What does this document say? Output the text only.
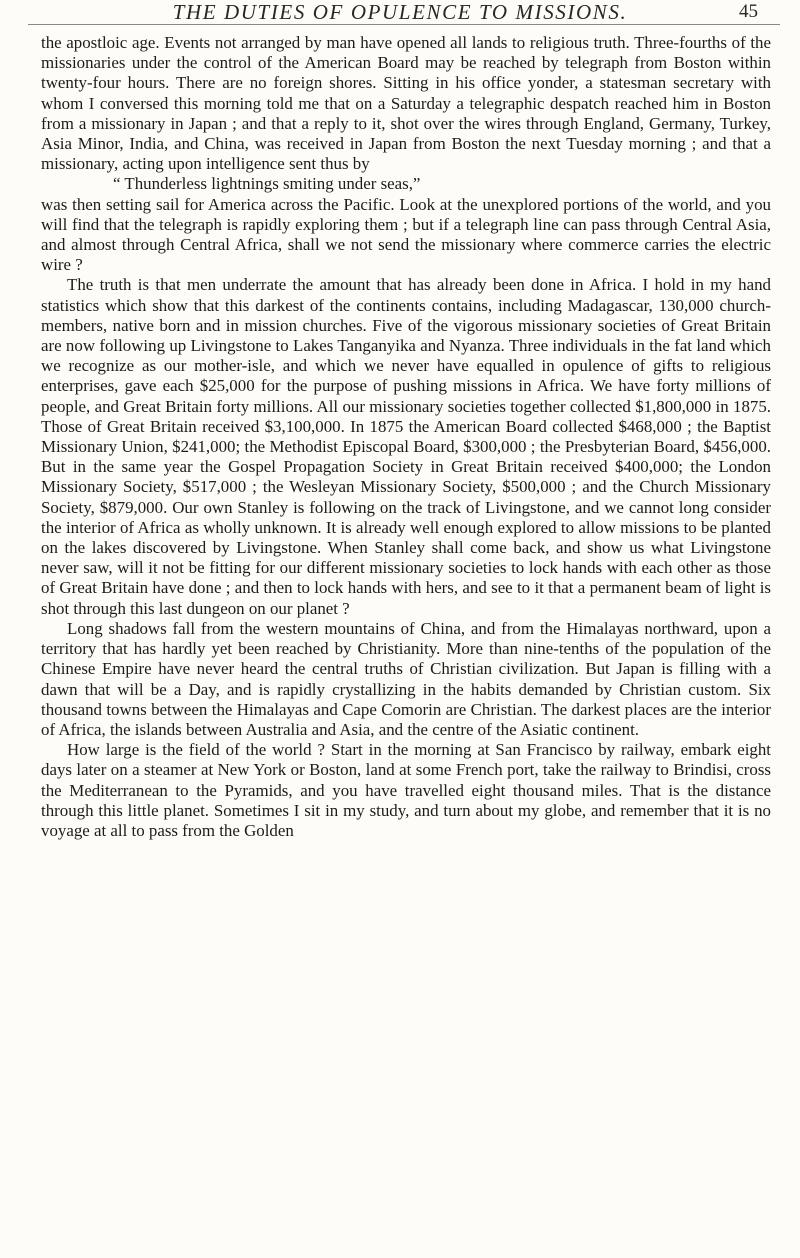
THE DUTIES OF OPULENCE TO MISSIONS.	45

the apostloic age. Events not arranged by man have opened all lands to religious truth. Three-fourths of the missionaries under the control of the American Board may be reached by telegraph from Boston within twenty-four hours. There are no foreign shores. Sitting in his office yonder, a statesman secretary with whom I conversed this morning told me that on a Saturday a telegraphic despatch reached him in Boston from a missionary in Japan ; and that a reply to it, shot over the wires through England, Germany, Turkey, Asia Minor, India, and China, was received in Japan from Boston the next Tuesday morning ; and that a missionary, acting upon intelligence sent thus by

“ Thunderless lightnings smiting under seas,”

was then setting sail for America across the Pacific. Look at the unexplored portions of the world, and you will find that the telegraph is rapidly exploring them ; but if a telegraph line can pass through Central Asia, and almost through Central Africa, shall we not send the missionary where commerce carries the electric wire ?

The truth is that men underrate the amount that has already been done in Africa. I hold in my hand statistics which show that this darkest of the continents contains, including Madagascar, 130,000 church-members, native born and in mission churches. Five of the vigorous missionary societies of Great Britain are now following up Livingstone to Lakes Tanganyika and Nyanza. Three individuals in the fat land which we recognize as our mother-isle, and which we never have equalled in opulence of gifts to religious enterprises, gave each $25,000 for the purpose of pushing missions in Africa. We have forty millions of people, and Great Britain forty millions. All our missionary societies together collected $1,800,000 in 1875. Those of Great Britain received $3,100,000. In 1875 the American Board collected $468,000 ; the Baptist Missionary Union, $241,000; the Methodist Episcopal Board, $300,000 ; the Presbyterian Board, $456,000. But in the same year the Gospel Propagation Society in Great Britain received $400,000; the London Missionary Society, $517,000 ; the Wesleyan Missionary Society, $500,000 ; and the Church Missionary Society, $879,000. Our own Stanley is following on the track of Livingstone, and we cannot long consider the interior of Africa as wholly unknown. It is already well enough explored to allow missions to be planted on the lakes discovered by Livingstone. When Stanley shall come back, and show us what Livingstone never saw, will it not be fitting for our different missionary societies to lock hands with each other as those of Great Britain have done ; and then to lock hands with hers, and see to it that a permanent beam of light is shot through this last dungeon on our planet ?

Long shadows fall from the western mountains of China, and from the Himalayas northward, upon a territory that has hardly yet been reached by Christianity. More than nine-tenths of the population of the Chinese Empire have never heard the central truths of Christian civilization. But Japan is filling with a dawn that will be a Day, and is rapidly crystallizing in the habits demanded by Christian custom. Six thousand towns between the Himalayas and Cape Comorin are Christian. The darkest places are the interior of Africa, the islands between Australia and Asia, and the centre of the Asiatic continent.

How large is the field of the world ? Start in the morning at San Francisco by railway, embark eight days later on a steamer at New York or Boston, land at some French port, take the railway to Brindisi, cross the Mediterranean to the Pyramids, and you have travelled eight thousand miles. That is the distance through this little planet. Sometimes I sit in my study, and turn about my globe, and remember that it is no voyage at all to pass from the Golden
